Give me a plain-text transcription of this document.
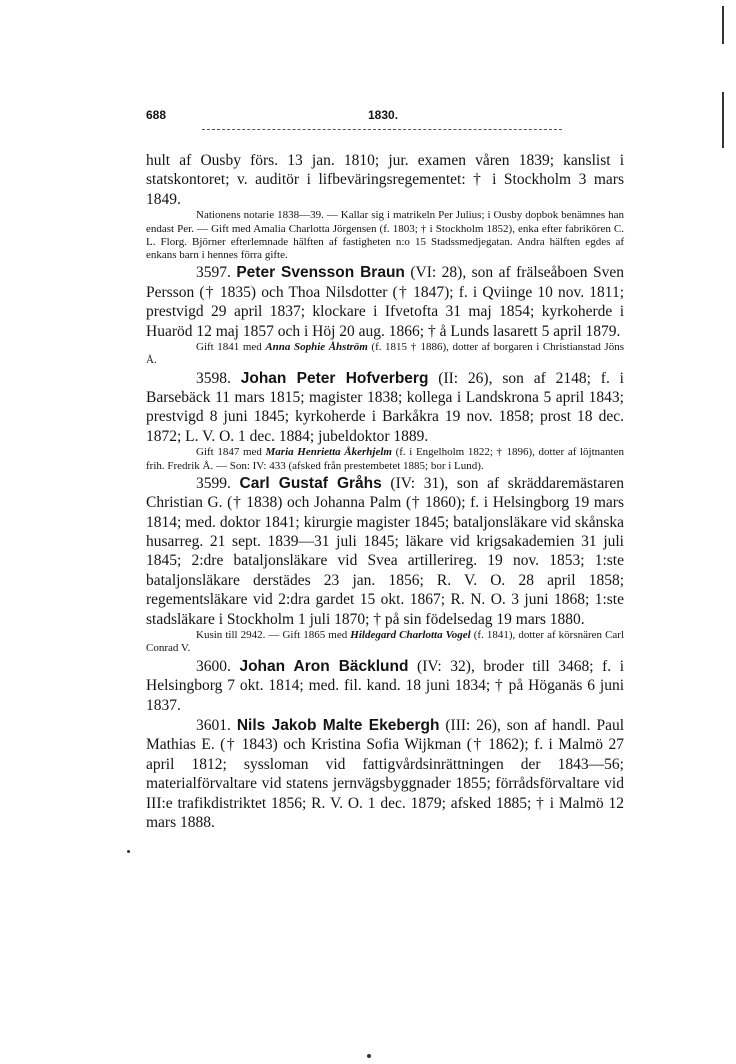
688	1830.

hult af Ousby förs. 13 jan. 1810; jur. examen våren 1839; kanslist i statskontoret; v. auditör i lifbeväringsregementet: † i Stockholm 3 mars 1849.

Nationens notarie 1838—39. — Kallar sig i matrikeln Per Julius; i Ousby dopbok benämnes han endast Per. — Gift med Amalia Charlotta Jörgensen (f. 1803; † i Stockholm 1852), enka efter fabrikören C. L. Florg. Björner efterlemnade hälften af fastigheten n:o 15 Stadssmedjegatan. Andra hälften egdes af enkans barn i hennes förra gifte.

3597. Peter Svensson Braun (VI: 28), son af frälseåboen Sven Persson († 1835) och Thoa Nilsdotter († 1847); f. i Qviinge 10 nov. 1811; prestvigd 29 april 1837; klockare i Ifvetofta 31 maj 1854; kyrkoherde i Huaröd 12 maj 1857 och i Höj 20 aug. 1866; † å Lunds lasarett 5 april 1879.

Gift 1841 med Anna Sophie Åhström (f. 1815 † 1886), dotter af borgaren i Christianstad Jöns Å.

3598. Johan Peter Hofverberg (II: 26), son af 2148; f. i Barsebäck 11 mars 1815; magister 1838; kollega i Landskrona 5 april 1843; prestvigd 8 juni 1845; kyrkoherde i Barkåkra 19 nov. 1858; prost 18 dec. 1872; L. V. O. 1 dec. 1884; jubeldoktor 1889.

Gift 1847 med Maria Henrietta Åkerhjelm (f. i Engelholm 1822; † 1896), dotter af löjtnanten frih. Fredrik Å. — Son: IV: 433 (afsked från prestembetet 1885; bor i Lund).

3599. Carl Gustaf Gråhs (IV: 31), son af skräddaremästaren Christian G. († 1838) och Johanna Palm († 1860); f. i Helsingborg 19 mars 1814; med. doktor 1841; kirurgie magister 1845; bataljonsläkare vid skånska husarreg. 21 sept. 1839—31 juli 1845; läkare vid krigsakademien 31 juli 1845; 2:dre bataljonsläkare vid Svea artillerireg. 19 nov. 1853; 1:ste bataljonsläkare derstädes 23 jan. 1856; R. V. O. 28 april 1858; regementsläkare vid 2:dra gardet 15 okt. 1867; R. N. O. 3 juni 1868; 1:ste stadsläkare i Stockholm 1 juli 1870; † på sin födelsedag 19 mars 1880.

Kusin till 2942. — Gift 1865 med Hildegard Charlotta Vogel (f. 1841), dotter af körsnären Carl Conrad V.

3600. Johan Aron Bäcklund (IV: 32), broder till 3468; f. i Helsingborg 7 okt. 1814; med. fil. kand. 18 juni 1834; † på Höganäs 6 juni 1837.

3601. Nils Jakob Malte Ekebergh (III: 26), son af handl. Paul Mathias E. († 1843) och Kristina Sofia Wijkman († 1862); f. i Malmö 27 april 1812; syssloman vid fattigvårdsinrättningen der 1843—56; materialförvaltare vid statens jernvägsbyggnader 1855; förrådsförvaltare vid III:e trafikdistriktet 1856; R. V. O. 1 dec. 1879; afsked 1885; † i Malmö 12 mars 1888.
